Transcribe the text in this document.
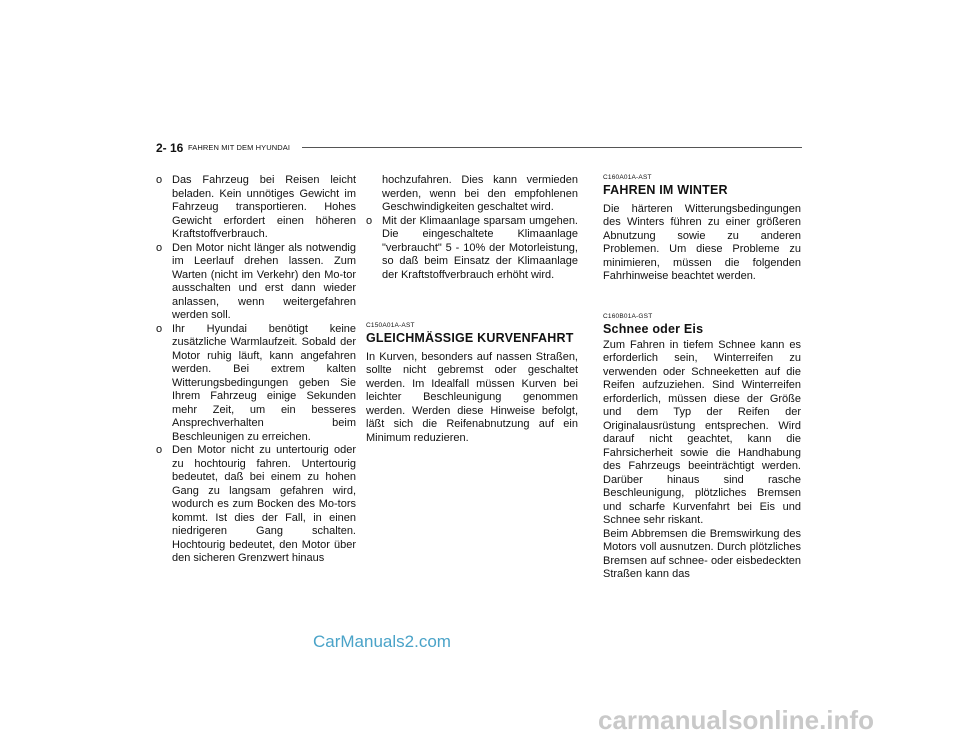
2- 16 FAHREN MIT DEM HYUNDAI
o Das Fahrzeug bei Reisen leicht beladen. Kein unnötiges Gewicht im Fahrzeug transportieren. Hohes Gewicht erfordert einen höheren Kraftstoffverbrauch.
o Den Motor nicht länger als notwendig im Leerlauf drehen lassen. Zum Warten (nicht im Verkehr) den Mo-tor ausschalten und erst dann wieder anlassen, wenn weitergefahren werden soll.
o Ihr Hyundai benötigt keine zusätzliche Warmlaufzeit. Sobald der Motor ruhig läuft, kann angefahren werden. Bei extrem kalten Witterungsbedingungen geben Sie Ihrem Fahrzeug einige Sekunden mehr Zeit, um ein besseres Ansprechverhalten beim Beschleunigen zu erreichen.
o Den Motor nicht zu untertourig oder zu hochtourig fahren. Untertourig bedeutet, daß bei einem zu hohen Gang zu langsam gefahren wird, wodurch es zum Bocken des Mo-tors kommt. Ist dies der Fall, in einen niedrigeren Gang schalten. Hochtourig bedeutet, den Motor über den sicheren Grenzwert hinaus

hochzufahren. Dies kann vermieden werden, wenn bei den empfohlenen Geschwindigkeiten geschaltet wird.

o Mit der Klimaanlage sparsam umgehen. Die eingeschaltete Klimaanlage "verbraucht" 5 - 10% der Motorleistung, so daß beim Einsatz der Klimaanlage der Kraftstoffverbrauch erhöht wird.

C150A01A-AST

GLEICHMÄSSIGE KURVENFAHRT

In Kurven, besonders auf nassen Straßen, sollte nicht gebremst oder geschaltet werden. Im Idealfall müssen Kurven bei leichter Beschleunigung genommen werden. Werden diese Hinweise befolgt, läßt sich die Reifenabnutzung auf ein Minimum reduzieren.

C160A01A-AST

FAHREN IM WINTER

Die härteren Witterungsbedingungen des Winters führen zu einer größeren Abnutzung sowie zu anderen Problemen. Um diese Probleme zu minimieren, müssen die folgenden Fahrhinweise beachtet werden.

C160B01A-GST

Schnee oder Eis

Zum Fahren in tiefem Schnee kann es erforderlich sein, Winterreifen zu verwenden oder Schneeketten auf die Reifen aufzuziehen. Sind Winterreifen erforderlich, müssen diese der Größe und dem Typ der Reifen der Originalausrüstung entsprechen. Wird darauf nicht geachtet, kann die Fahrsicherheit sowie die Handhabung des Fahrzeugs beeinträchtigt werden. Darüber hinaus sind rasche Beschleunigung, plötzliches Bremsen und scharfe Kurvenfahrt bei Eis und Schnee sehr riskant.

Beim Abbremsen die Bremswirkung des Motors voll ausnutzen. Durch plötzliches Bremsen auf schnee- oder eisbedeckten Straßen kann das

CarManuals2.com
carmanualsonline.info
